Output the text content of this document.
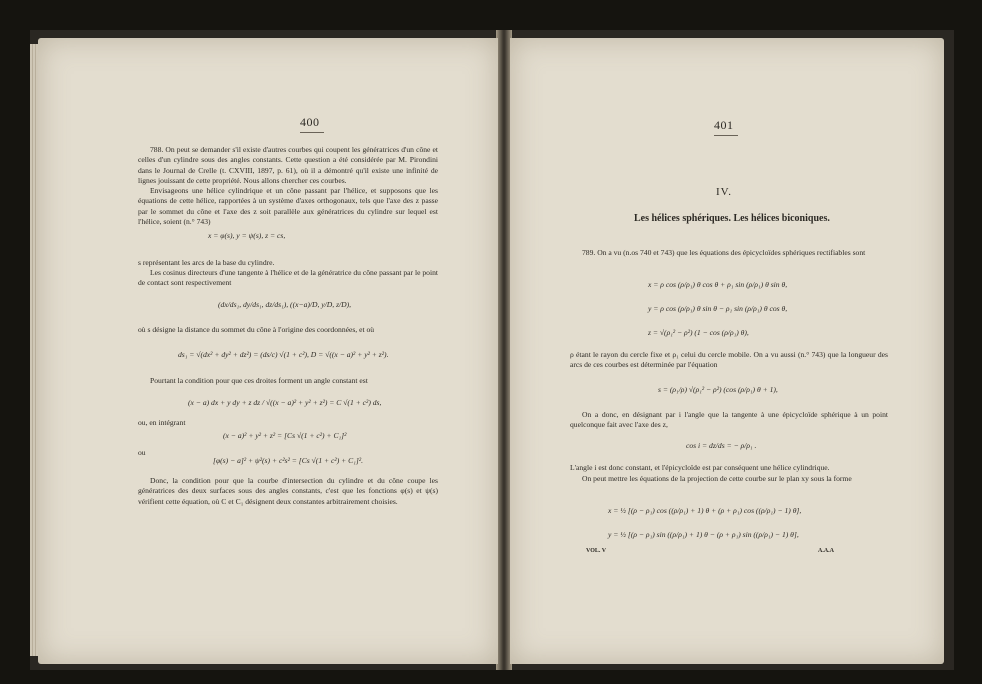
400
788. On peut se demander s'il existe d'autres courbes qui coupent les génératrices d'un cône et celles d'un cylindre sous des angles constants. Cette question a été considérée par M. Pirondini dans le Journal de Crelle (t. CXVIII, 1897, p. 61), où il a démontré qu'il existe une infinité de lignes jouissant de cette propriété. Nous allons chercher ces courbes.
Envisageons une hélice cylindrique et un cône passant par l'hélice, et supposons que les équations de cette hélice, rapportées à un système d'axes orthogonaux, tels que l'axe des z passe par le sommet du cône et l'axe des z soit parallèle aux génératrices du cylindre sur lequel est l'hélice, soient (n.° 743)
x = φ(s), y = ψ(s), z = cs,
s représentant les arcs de la base du cylindre.
Les cosinus directeurs d'une tangente à l'hélice et de la génératrice du cône passant par le point de contact sont respectivement
(dx/ds₁, dy/ds₁, dz/ds₁), ((x−a)/D, y/D, z/D),
où s désigne la distance du sommet du cône à l'origine des coordonnées, et où
ds₁ = √(dx² + dy² + dz²) = (ds/c) √(1 + c²), D = √((x − a)² + y² + z²).
Pourtant la condition pour que ces droites forment un angle constant est
(x − a) dx + y dy + z dz / √((x − a)² + y² + z²) = C √(1 + c²) ds,
ou, en intégrant
(x − a)² + y² + z² = [Cs √(1 + c²) + C₁]²
ou
[φ(s) − a]² + ψ²(s) + c²s² = [Cs √(1 + c²) + C₁]².
Donc, la condition pour que la courbe d'intersection du cylindre et du cône coupe les génératrices des deux surfaces sous des angles constants, c'est que les fonctions φ(s) et ψ(s) vérifient cette équation, où C et C₁ désignent deux constantes arbitrairement choisies.
401
IV.
Les hélices sphériques. Les hélices biconiques.
789. On a vu (n.os 740 et 743) que les équations des épicycloïdes sphériques rectifiables sont
x = ρ cos (ρ/ρ₁) θ cos θ + ρ₁ sin (ρ/ρ₁) θ sin θ,
y = ρ cos (ρ/ρ₁) θ sin θ − ρ₁ sin (ρ/ρ₁) θ cos θ,
z = √(ρ₁² − ρ²) (1 − cos (ρ/ρ₁) θ),
ρ étant le rayon du cercle fixe et ρ₁ celui du cercle mobile. On a vu aussi (n.° 743) que la longueur des arcs de ces courbes est déterminée par l'équation
s = (ρ₁/ρ) √(ρ₁² − ρ²) (cos (ρ/ρ₁) θ + 1),
On a donc, en désignant par i l'angle que la tangente à une épicycloïde sphérique à un point quelconque fait avec l'axe des z,
cos i = dz/ds = − ρ/ρ₁ .
L'angle i est donc constant, et l'épicycloïde est par conséquent une hélice cylindrique.
On peut mettre les équations de la projection de cette courbe sur le plan xy sous la forme
x = ½ [(ρ − ρ₁) cos ((ρ/ρ₁) + 1) θ + (ρ + ρ₁) cos ((ρ/ρ₁) − 1) θ],
y = ½ [(ρ − ρ₁) sin ((ρ/ρ₁) + 1) θ − (ρ + ρ₁) sin ((ρ/ρ₁) − 1) θ],
VOL. V	A.A.A
